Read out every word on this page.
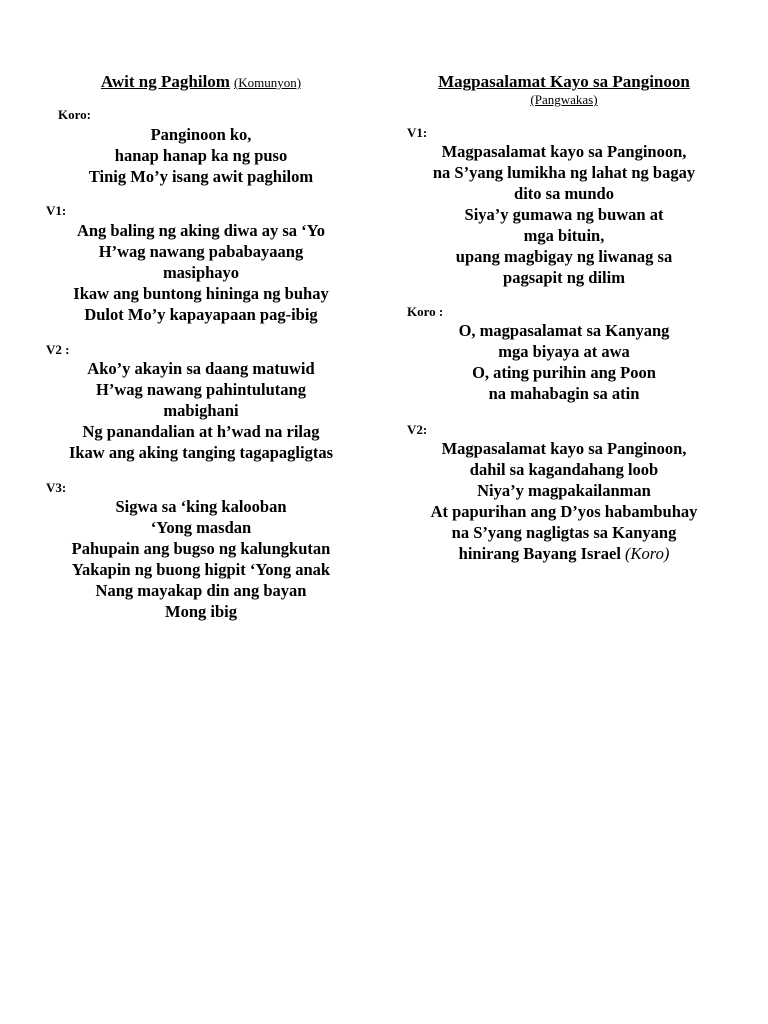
Awit ng Paghilom (Komunyon)
Koro:
Panginoon ko,
hanap hanap ka ng puso
Tinig Mo’y isang awit paghilom
V1:
Ang baling ng aking diwa ay sa ‘Yo
H’wag nawang pababayaang
masiphayo
Ikaw ang buntong hininga ng buhay
Dulot Mo’y kapayapaan pag-ibig
V2 :
Ako’y akayin sa daang matuwid
H’wag nawang pahintulutang
mabighani
Ng panandalian at h’wad na rilag
Ikaw ang aking tanging tagapagligtas
V3:
Sigwa sa ‘king kalooban
‘Yong masdan
Pahupain ang bugso ng kalungkutan
Yakapin ng buong higpit ‘Yong anak
Nang mayakap din ang bayan
Mong ibig
Magpasalamat Kayo sa Panginoon
(Pangwakas)
V1:
Magpasalamat kayo sa Panginoon,
na S’yang lumikha ng lahat ng bagay
dito sa mundo
Siya’y gumawa ng buwan at
mga bituin,
upang magbigay ng liwanag sa
pagsapit ng dilim
Koro :
O, magpasalamat sa Kanyang
mga biyaya at awa
O, ating purihin ang Poon
na mahabagin sa atin
V2:
Magpasalamat kayo sa Panginoon,
dahil sa kagandahang loob
Niya’y magpakailanman
At papurihan ang D’yos habambuhay
na S’yang nagligtas sa Kanyang
hinirang Bayang Israel (Koro)
